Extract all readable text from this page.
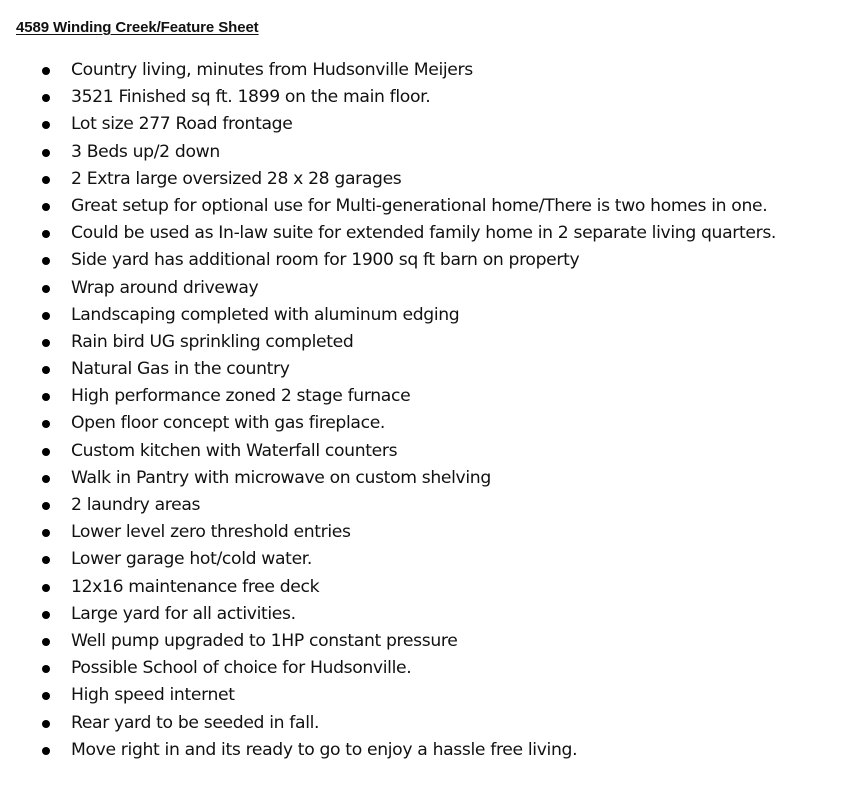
4589 Winding Creek/Feature Sheet
Country living, minutes from Hudsonville Meijers
3521 Finished sq ft. 1899 on the main floor.
Lot size 277 Road frontage
3 Beds up/2 down
2 Extra large oversized 28 x 28 garages
Great setup for optional use for Multi-generational home/There is two homes in one.
Could be used as In-law suite for extended family home in 2 separate living quarters.
Side yard has additional room for 1900 sq ft barn on property
Wrap around driveway
Landscaping completed with aluminum edging
Rain bird UG sprinkling completed
Natural Gas in the country
High performance zoned 2 stage furnace
Open floor concept with gas fireplace.
Custom kitchen with Waterfall counters
Walk in Pantry with microwave on custom shelving
2 laundry areas
Lower level zero threshold entries
Lower garage hot/cold water.
12x16 maintenance free deck
Large yard for all activities.
Well pump upgraded to 1HP constant pressure
Possible School of choice for Hudsonville.
High speed internet
Rear yard to be seeded in fall.
Move right in and its ready to go to enjoy a hassle free living.
